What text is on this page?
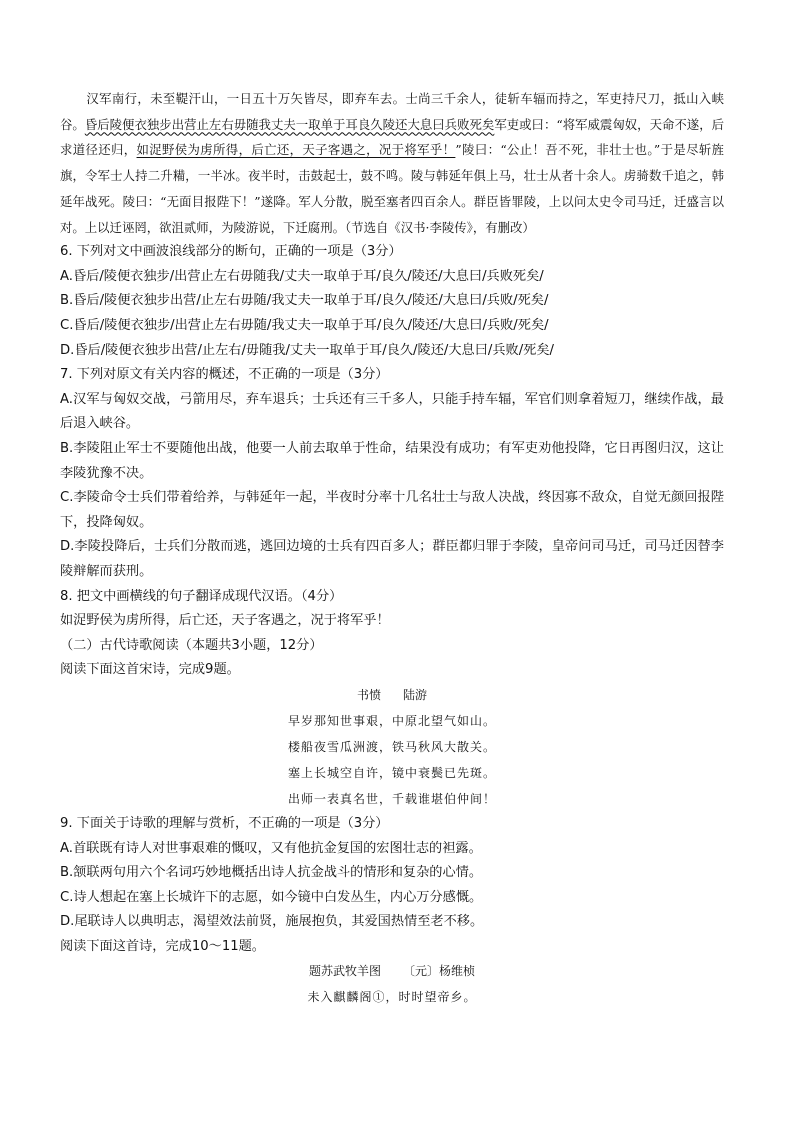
汉军南行，未至鞮汗山，一日五十万矢皆尽，即弃车去。士尚三千余人，徒斩车辐而持之，军吏持尺刀，抵山入峡谷。昏后陵便衣独步出营止左右毋随我丈夫一取单于耳良久陵还大息曰兵败死矣军吏或曰：“将军威震匈奴，天命不遂，后求道径还归，如浞野侯为虏所得，后亡还，天子客遇之，况于将军乎！”陵曰：“公止！吾不死，非壮士也。”于是尽斩旌旗，令军士人持二升糒，一半冰。夜半时，击鼓起士，鼓不鸣。陵与韩延年俱上马，壮士从者十余人。虏骑数千追之，韩延年战死。陵曰：“无面目报陛下！”遂降。军人分散，脱至塞者四百余人。群臣皆罪陵，上以问太史令司马迁，迁盛言以对。上以迁诬罔，欲沮贰师，为陵游说，下迁腐刑。（节选自《汉书·李陵传》，有删改）

6. 下列对文中画波浪线部分的断句，正确的一项是（3分）

A.昏后/陵便衣独步/出营止左右毋随我/丈夫一取单于耳/良久/陵还/大息曰/兵败死矣/

B.昏后/陵便衣独步出营/止左右毋随/我丈夫一取单于耳/良久/陵还/大息曰/兵败/死矣/

C.昏后/陵便衣独步/出营止左右毋随/我丈夫一取单于耳/良久/陵还/大息曰/兵败/死矣/

D.昏后/陵便衣独步出营/止左右/毋随我/丈夫一取单于耳/良久/陵还/大息曰/兵败/死矣/

7. 下列对原文有关内容的概述，不正确的一项是（3分）

A.汉军与匈奴交战，弓箭用尽，弃车退兵；士兵还有三千多人，只能手持车辐，军官们则拿着短刀，继续作战，最后退入峡谷。

B.李陵阻止军士不要随他出战，他要一人前去取单于性命，结果没有成功；有军吏劝他投降，它日再图归汉，这让李陵犹豫不决。

C.李陵命令士兵们带着给养，与韩延年一起，半夜时分率十几名壮士与敌人决战，终因寡不敌众，自觉无颜回报陛下，投降匈奴。

D.李陵投降后，士兵们分散而逃，逃回边境的士兵有四百多人；群臣都归罪于李陵，皇帝问司马迁，司马迁因替李陵辩解而获刑。

8. 把文中画横线的句子翻译成现代汉语。（4分）

如浞野侯为虏所得，后亡还，天子客遇之，况于将军乎！

（二）古代诗歌阅读（本题共3小题，12分）

阅读下面这首宋诗，完成9题。

书愤 陆游

早岁那知世事艰，中原北望气如山。

楼船夜雪瓜洲渡，铁马秋风大散关。

塞上长城空自许，镜中衰鬓已先斑。

出师一表真名世，千载谁堪伯仲间！

9. 下面关于诗歌的理解与赏析，不正确的一项是（3分）

A.首联既有诗人对世事艰难的慨叹，又有他抗金复国的宏图壮志的袒露。

B.颔联两句用六个名词巧妙地概括出诗人抗金战斗的情形和复杂的心情。

C.诗人想起在塞上长城许下的志愿，如今镜中白发丛生，内心万分感慨。

D.尾联诗人以典明志，渴望效法前贤，施展抱负，其爱国热情至老不移。

阅读下面这首诗，完成10～11题。

题苏武牧羊图 〔元〕杨维桢

未入麒麟阁①，时时望帝乡。
